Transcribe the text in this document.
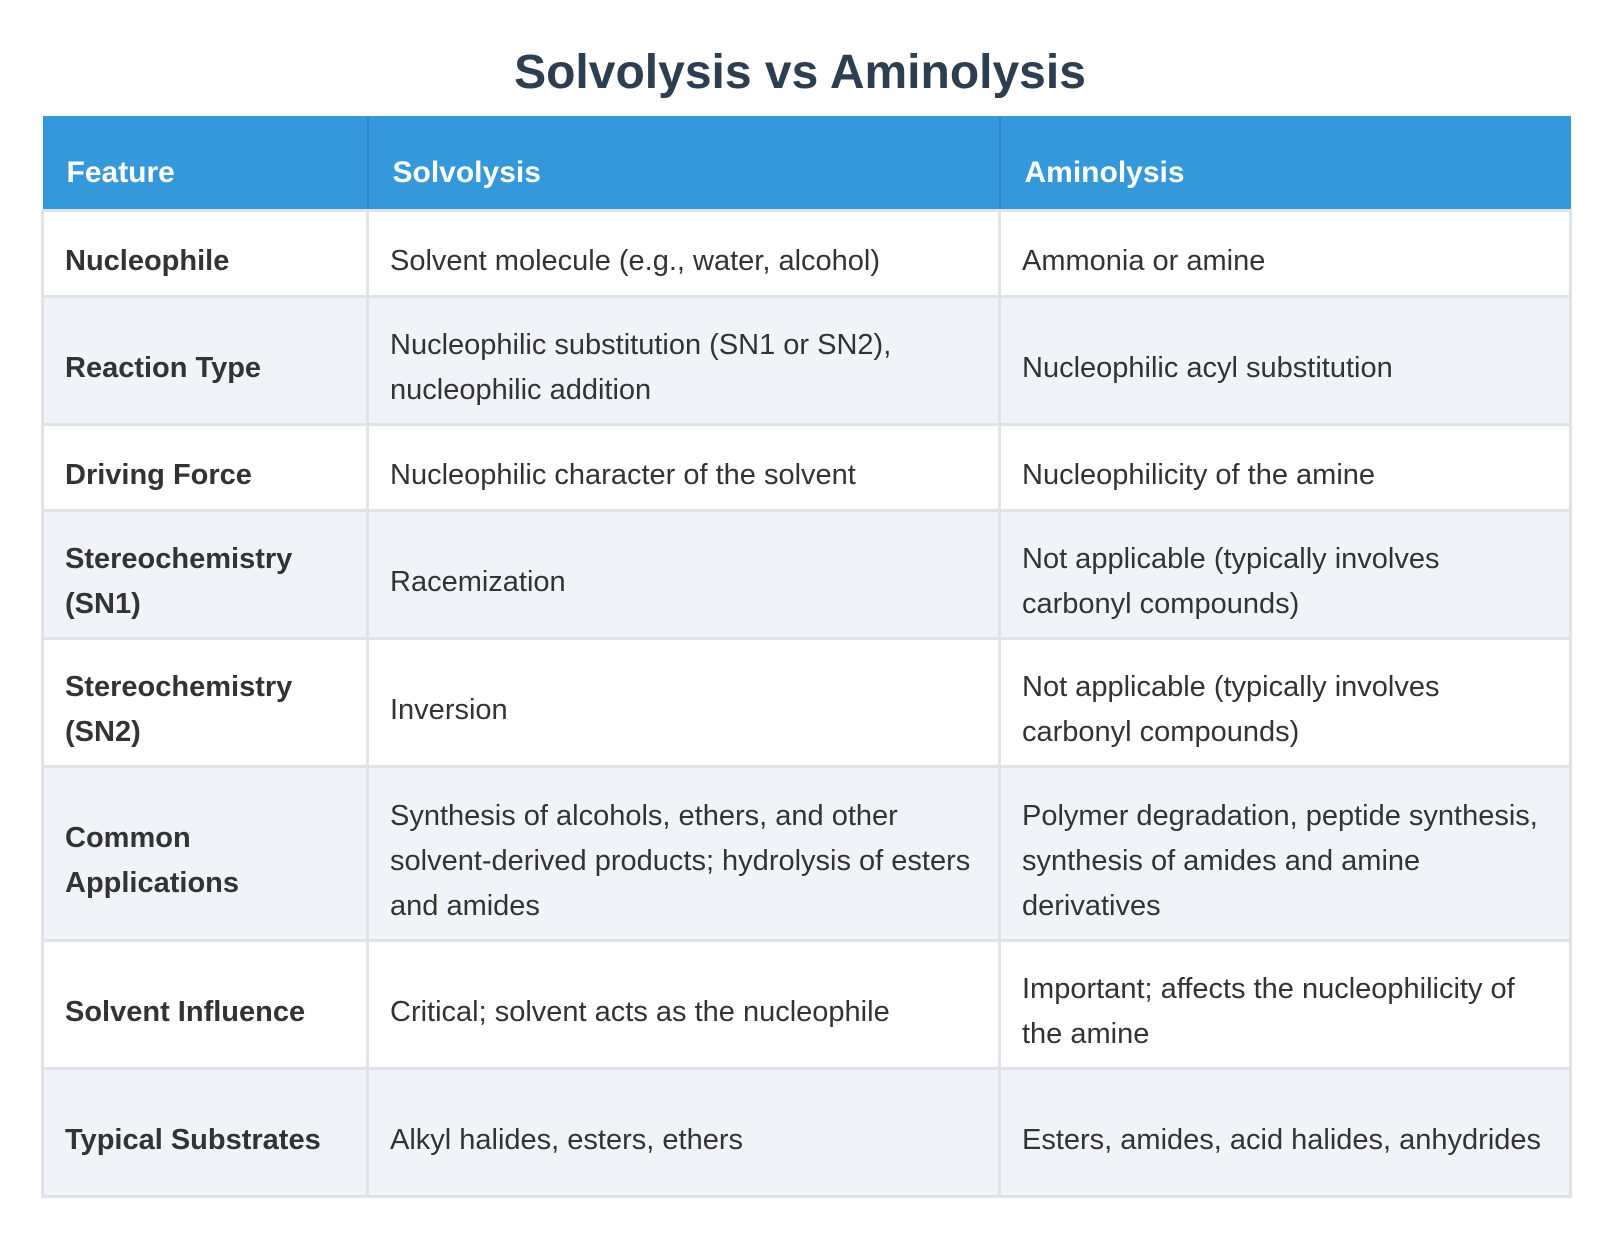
Solvolysis vs Aminolysis
Feature	Solvolysis	Aminolysis

Nucleophile	Solvent molecule (e.g., water, alcohol)	Ammonia or amine

Reaction Type	Nucleophilic substitution (SN1 or SN2), nucleophilic addition	Nucleophilic acyl substitution

Driving Force	Nucleophilic character of the solvent	Nucleophilicity of the amine

Stereochemistry (SN1)	Racemization	Not applicable (typically involves carbonyl compounds)

Stereochemistry (SN2)	Inversion	Not applicable (typically involves carbonyl compounds)

Common Applications	Synthesis of alcohols, ethers, and other solvent-derived products; hydrolysis of esters and amides	Polymer degradation, peptide synthesis, synthesis of amides and amine derivatives

Solvent Influence	Critical; solvent acts as the nucleophile	Important; affects the nucleophilicity of the amine

Typical Substrates	Alkyl halides, esters, ethers	Esters, amides, acid halides, anhydrides
